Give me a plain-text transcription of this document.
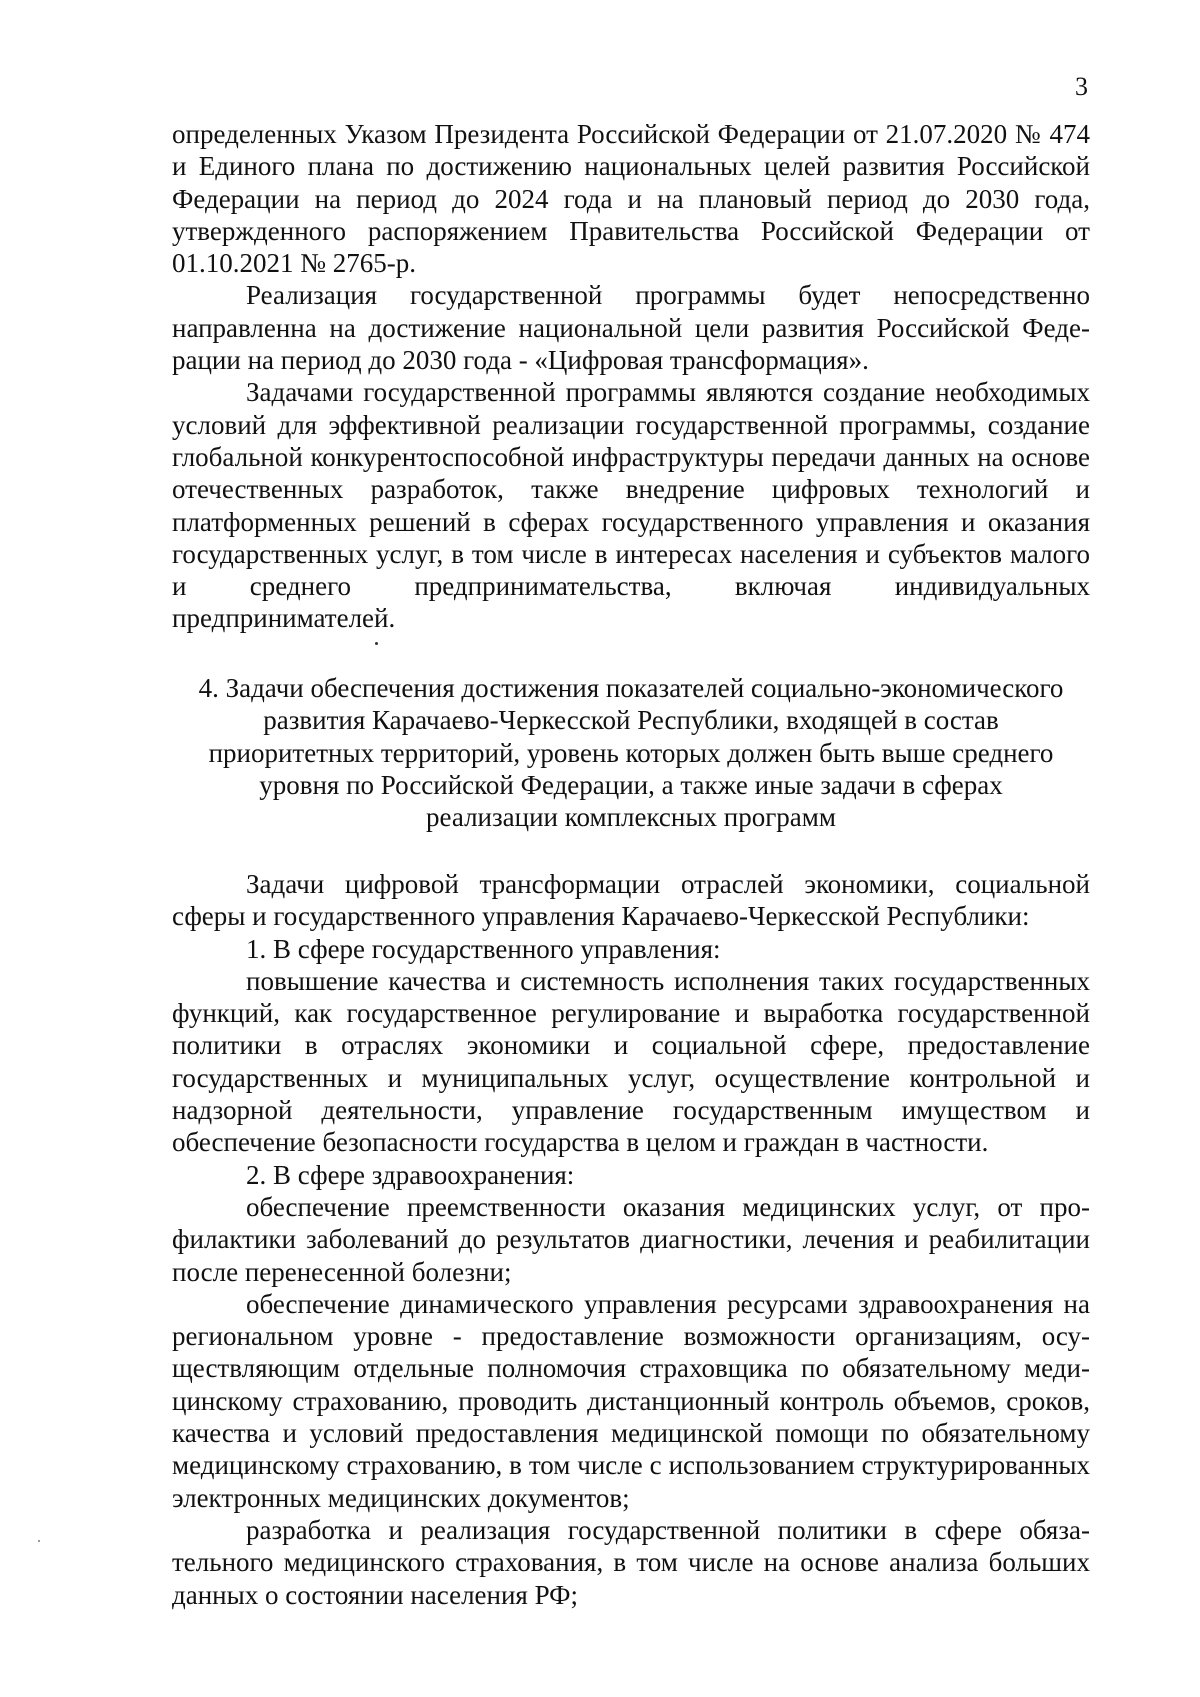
3

определенных Указом Президента Российской Федерации от 21.07.2020 № 474 и Единого плана по достижению национальных целей развития Российской Федерации на период до 2024 года и на плановый период до 2030 года, утвержденного распоряжением Правительства Российской Федерации от 01.10.2021 № 2765-р.

Реализация государственной программы будет непосредственно направленна на достижение национальной цели развития Российской Федерации на период до 2030 года - «Цифровая трансформация».

Задачами государственной программы являются создание необходимых условий для эффективной реализации государственной программы, создание глобальной конкурентоспособной инфраструктуры передачи данных на основе отечественных разработок, также внедрение цифровых технологий и платформенных решений в сферах государственного управления и оказания государственных услуг, в том числе в интересах населения и субъектов малого и среднего предпринимательства, включая индивидуальных предпринимателей.

4. Задачи обеспечения достижения показателей социально-экономического

развития Карачаево-Черкесской Республики, входящей в состав

приоритетных территорий, уровень которых должен быть выше среднего

уровня по Российской Федерации, а также иные задачи в сферах

реализации комплексных программ

Задачи цифровой трансформации отраслей экономики, социальной сферы и государственного управления Карачаево-Черкесской Республики:

1. В сфере государственного управления:

повышение качества и системность исполнения таких государственных функций, как государственное регулирование и выработка государственной политики в отраслях экономики и социальной сфере, предоставление государственных и муниципальных услуг, осуществление контрольной и надзорной деятельности, управление государственным имуществом и обеспечение безопасности государства в целом и граждан в частности.

2. В сфере здравоохранения:

обеспечение преемственности оказания медицинских услуг, от профилактики заболеваний до результатов диагностики, лечения и реабилитации после перенесенной болезни;

обеспечение динамического управления ресурсами здравоохранения на региональном уровне - предоставление возможности организациям, осуществляющим отдельные полномочия страховщика по обязательному медицинскому страхованию, проводить дистанционный контроль объемов, сроков, качества и условий предоставления медицинской помощи по обязательному медицинскому страхованию, в том числе с использованием структурированных электронных медицинских документов;

разработка и реализация государственной политики в сфере обязательного медицинского страхования, в том числе на основе анализа больших данных о состоянии населения РФ;
